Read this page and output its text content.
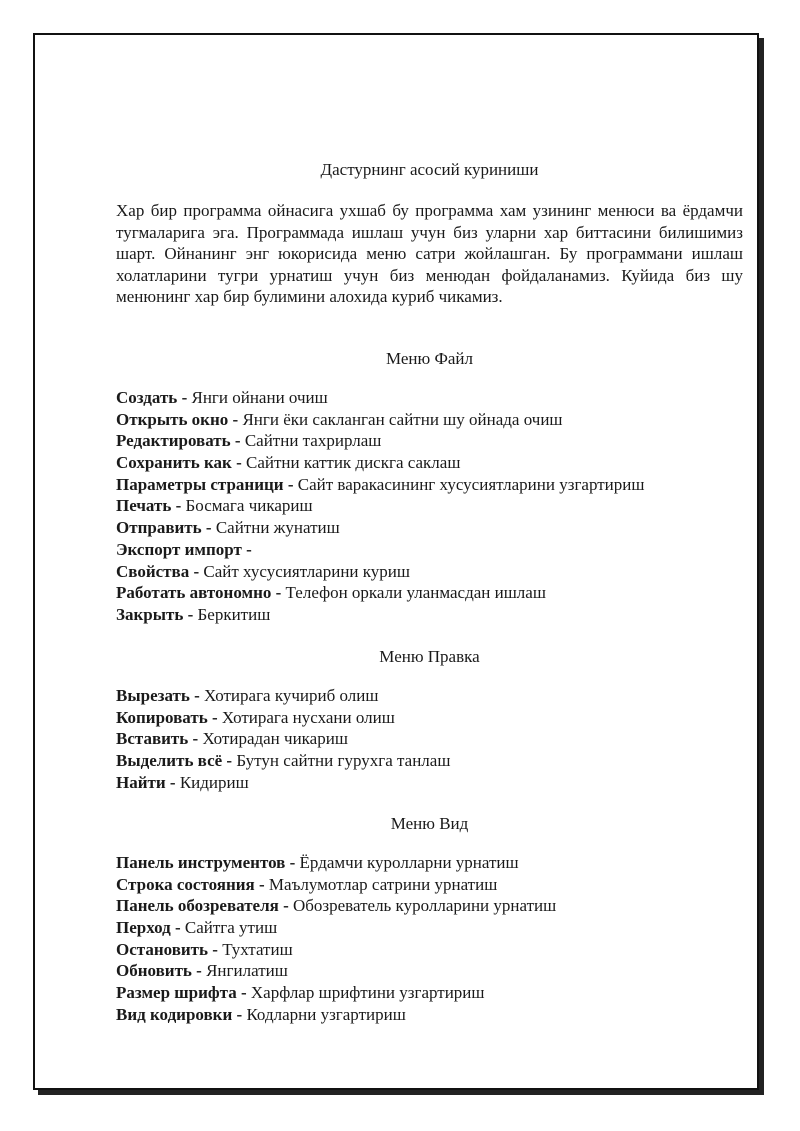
Дастурнинг асосий куриниши

Хар бир программа ойнасига ухшаб бу программа хам узининг менюси ва ёрдамчи тугмаларига эга. Программада ишлаш учун биз уларни хар биттасини билишимиз шарт. Ойнанинг энг юкорисида меню сатри жойлашган. Бу программани ишлаш холатларини тугри урнатиш учун биз менюдан фойдаланамиз. Куйида биз шу менюнинг хар бир булимини алохида куриб чикамиз.

Меню Файл
Создать - Янги ойнани очиш
Открыть окно - Янги ёки сакланган сайтни шу ойнада очиш
Редактировать - Сайтни тахрирлаш
Сохранить как - Сайтни каттик дискга саклаш
Параметры страници - Сайт варакасининг хусусиятларини узгартириш
Печать - Босмага чикариш
Отправить - Сайтни жунатиш
Экспорт импорт -
Свойства - Сайт хусусиятларини куриш
Работать автономно - Телефон оркали уланмасдан ишлаш
Закрыть - Беркитиш
Меню Правка
Вырезать - Хотирага кучириб олиш
Копировать - Хотирага нусхани олиш
Вставить - Хотирадан чикариш
Выделить всё - Бутун сайтни гурухга танлаш
Найти - Кидириш
Меню Вид
Панель инструментов - Ёрдамчи куролларни урнатиш
Строка состояния - Маълумотлар сатрини урнатиш
Панель обозревателя - Обозреватель куролларини урнатиш
Перход - Сайтга утиш
Остановить - Тухтатиш
Обновить - Янгилатиш
Размер шрифта - Харфлар шрифтини узгартириш
Вид кодировки - Кодларни узгартириш
